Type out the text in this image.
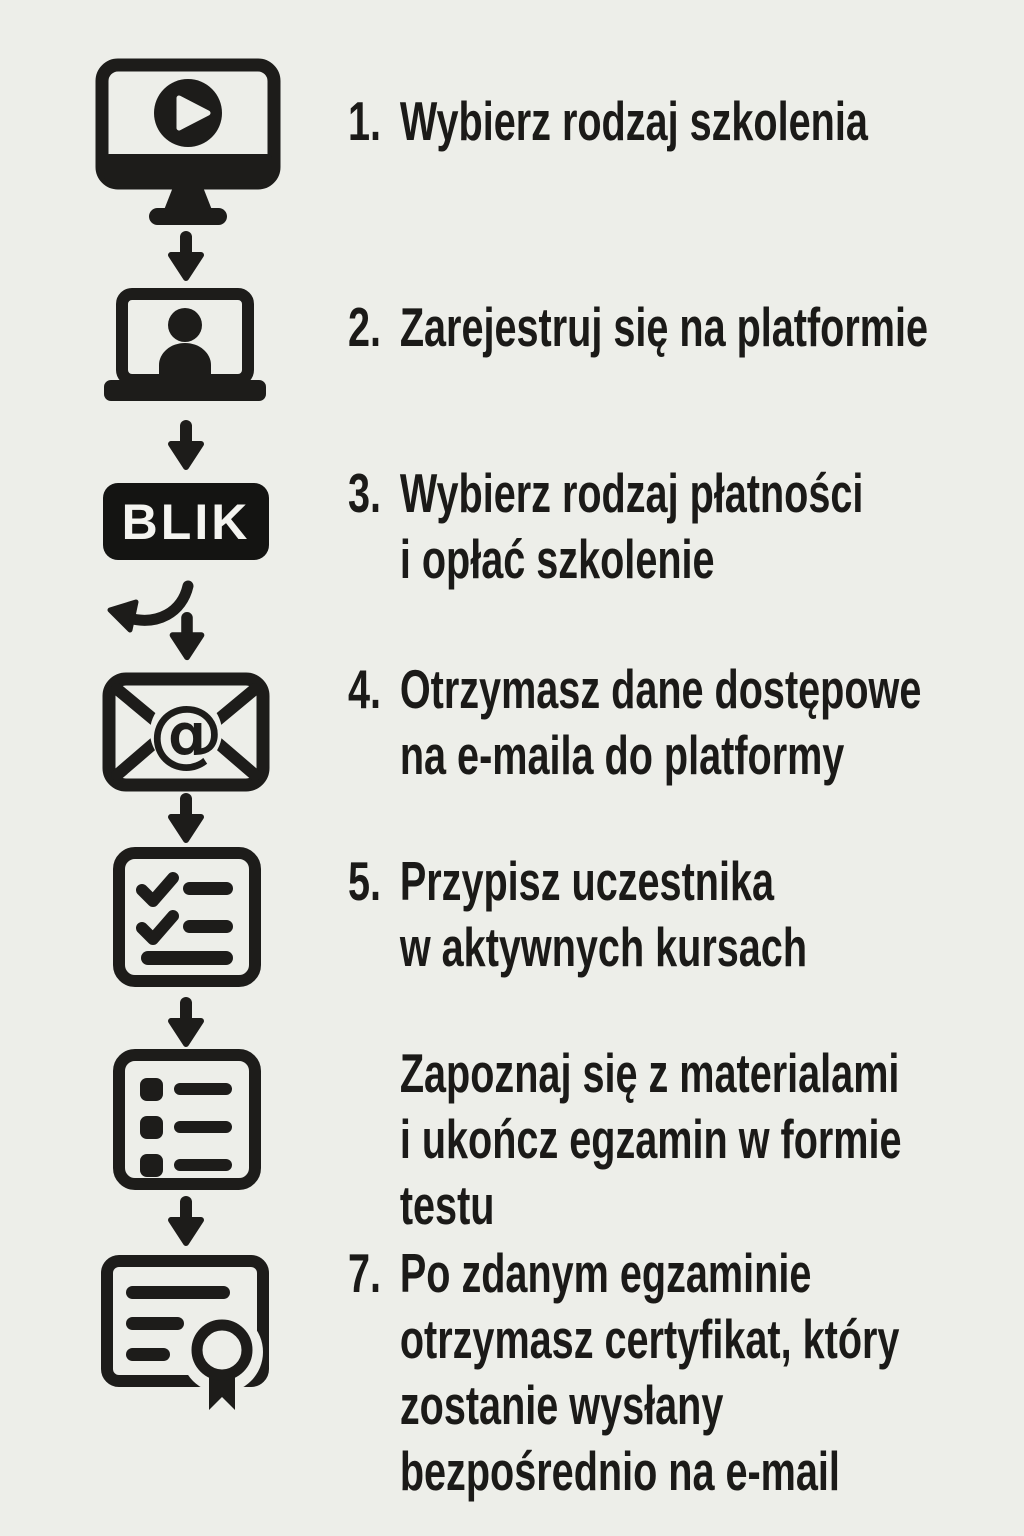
BLIK
@
1. Wybierz rodzaj szkolenia
2. Zarejestruj się na platformie
3. Wybierz rodzaj płatności
i opłać szkolenie
4. Otrzymasz dane dostępowe
na e-maila do platformy
5. Przypisz uczestnika
w aktywnych kursach
Zapoznaj się z materialami
i ukończ egzamin w formie
testu
7. Po zdanym egzaminie
otrzymasz certyfikat, który
zostanie wysłany
bezpośrednio na e-mail
